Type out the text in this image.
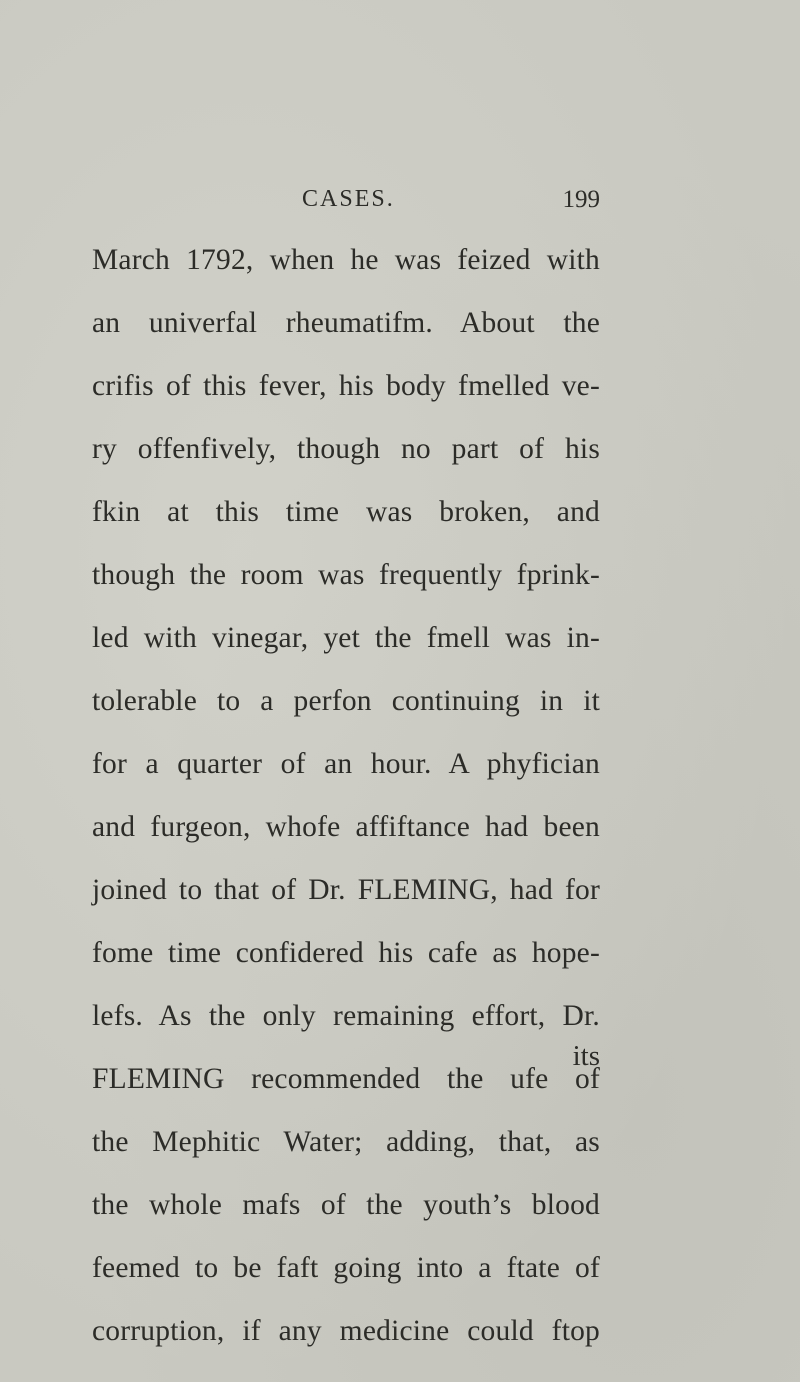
CASES.	199
March 1792, when he was feized with
an univerfal rheumatifm. About the
crifis of this fever, his body fmelled ve-
ry offenfively, though no part of his
fkin at this time was broken, and
though the room was frequently fprink-
led with vinegar, yet the fmell was in-
tolerable to a perfon continuing in it
for a quarter of an hour. A phyfician
and furgeon, whofe affiftance had been
joined to that of Dr. FLEMING, had for
fome time confidered his cafe as hope-
lefs. As the only remaining effort, Dr.
FLEMING recommended the ufe of
the Mephitic Water; adding, that, as
the whole mafs of the youth’s blood
feemed to be faft going into a ftate of
corruption, if any medicine could ftop
its
